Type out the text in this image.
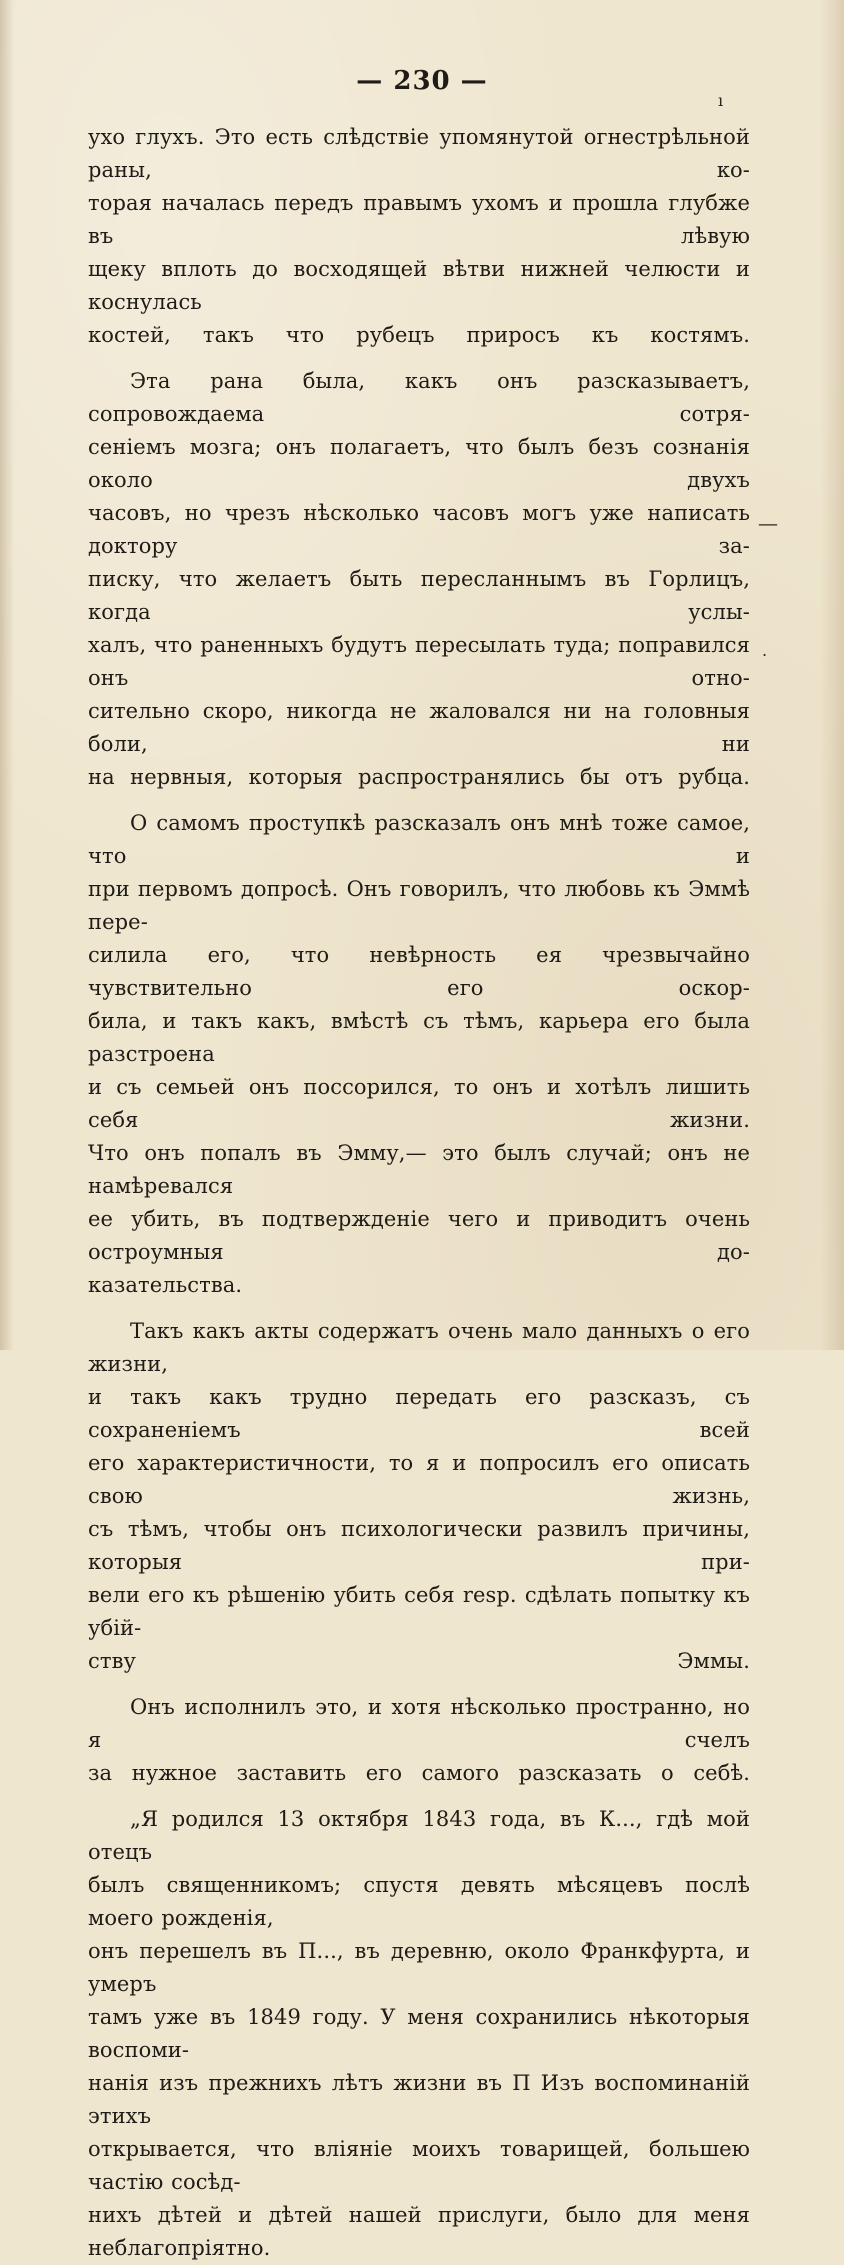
— 230 —
ı
—
.

ухо глухъ. Это есть слѣдствіе упомянутой огнестрѣльной раны, ко-
торая началась передъ правымъ ухомъ и прошла глубже въ лѣвую
щеку вплоть до восходящей вѣтви нижней челюсти и коснулась
костей, такъ что рубецъ приросъ къ костямъ.

Эта рана была, какъ онъ разсказываетъ, сопровождаема сотря-
сеніемъ мозга; онъ полагаетъ, что былъ безъ сознанія около двухъ
часовъ, но чрезъ нѣсколько часовъ могъ уже написать доктору за-
писку, что желаетъ быть пересланнымъ въ Горлицъ, когда услы-
халъ, что раненныхъ будутъ пересылать туда; поправился онъ отно-
сительно скоро, никогда не жаловался ни на головныя боли, ни
на нервныя, которыя распространялись бы отъ рубца.

О самомъ проступкѣ разсказалъ онъ мнѣ тоже самое, что и
при первомъ допросѣ. Онъ говорилъ, что любовь къ Эммѣ пере-
силила его, что невѣрность ея чрезвычайно чувствительно его оскор-
била, и такъ какъ, вмѣстѣ съ тѣмъ, карьера его была разстроена
и съ семьей онъ поссорился, то онъ и хотѣлъ лишить себя жизни.
Что онъ попалъ въ Эмму,— это былъ случай; онъ не намѣревался
ее убить, въ подтвержденіе чего и приводитъ очень остроумныя до-
казательства.

Такъ какъ акты содержатъ очень мало данныхъ о его жизни,
и такъ какъ трудно передать его разсказъ, съ сохраненіемъ всей
его характеристичности, то я и попросилъ его описать свою жизнь,
съ тѣмъ, чтобы онъ психологически развилъ причины, которыя при-
вели его къ рѣшенію убить себя resp. сдѣлать попытку къ убій-
ству Эммы.

Онъ исполнилъ это, и хотя нѣсколько пространно, но я счелъ
за нужное заставить его самого разсказать о себѣ.

„Я родился 13 октября 1843 года, въ К..., гдѣ мой отецъ
былъ священникомъ; спустя девять мѣсяцевъ послѣ моего рожденія,
онъ перешелъ въ П..., въ деревню, около Франкфурта, и умеръ
тамъ уже въ 1849 году. У меня сохранились нѣкоторыя воспоми-
нанія изъ прежнихъ лѣтъ жизни въ П Изъ воспоминаній этихъ
открывается, что вліяніе моихъ товарищей, большею частію сосѣд-
нихъ дѣтей и дѣтей нашей прислуги, было для меня неблагопріятно.
